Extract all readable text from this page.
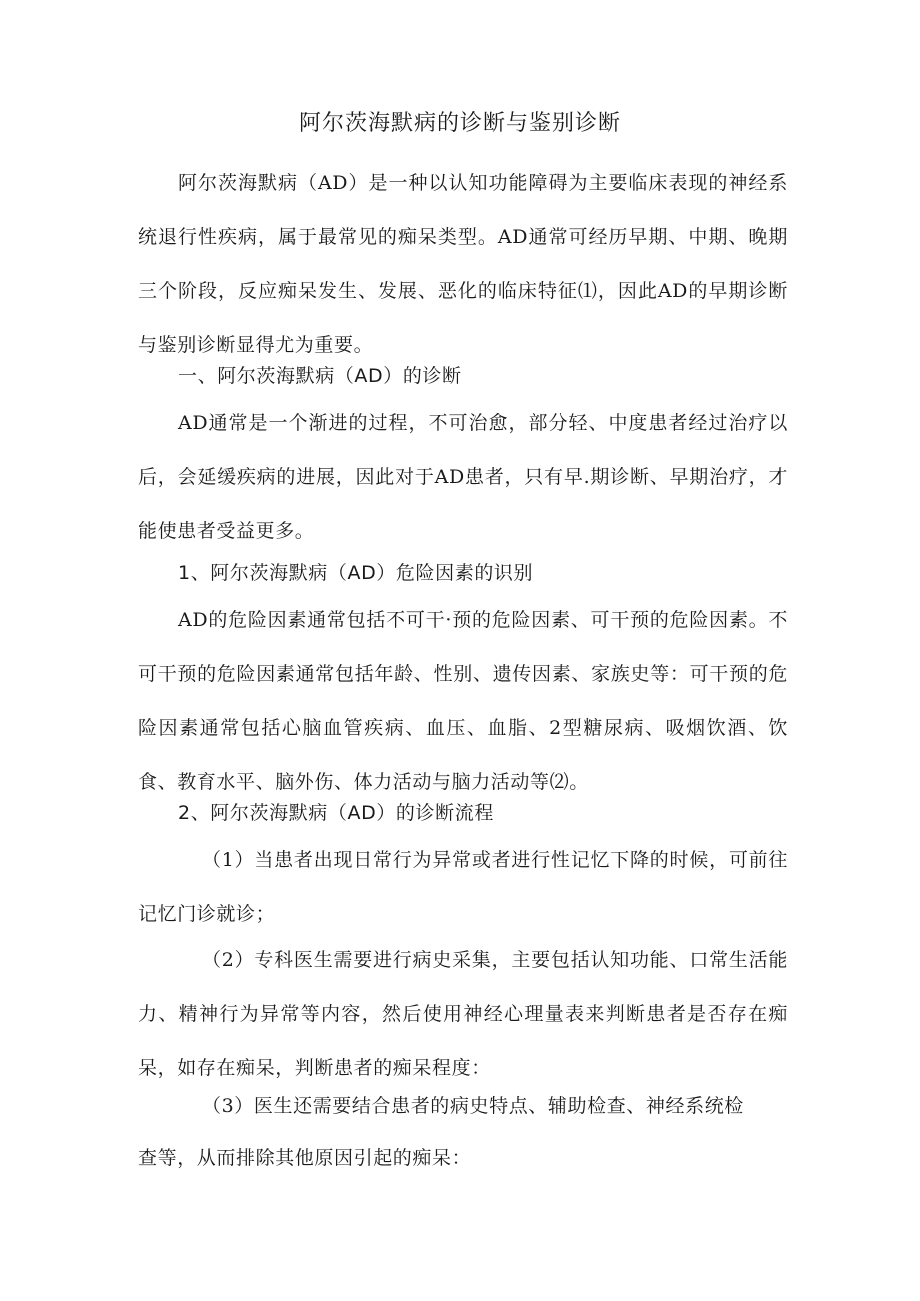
阿尔茨海默病的诊断与鉴别诊断
阿尔茨海默病（AD）是一种以认知功能障碍为主要临床表现的神经系统退行性疾病，属于最常见的痴呆类型。AD通常可经历早期、中期、晚期三个阶段，反应痴呆发生、发展、恶化的临床特征⑴，因此AD的早期诊断与鉴别诊断显得尤为重要。
一、阿尔茨海默病（AD）的诊断
AD通常是一个渐进的过程，不可治愈，部分轻、中度患者经过治疗以后，会延缓疾病的进展，因此对于AD患者，只有早.期诊断、早期治疗，才能使患者受益更多。
1、阿尔茨海默病（AD）危险因素的识别
AD的危险因素通常包括不可干·预的危险因素、可干预的危险因素。不可干预的危险因素通常包括年龄、性别、遗传因素、家族史等：可干预的危险因素通常包括心脑血管疾病、血压、血脂、2型糖尿病、吸烟饮酒、饮食、教育水平、脑外伤、体力活动与脑力活动等⑵。
2、阿尔茨海默病（AD）的诊断流程
（1）当患者出现日常行为异常或者进行性记忆下降的时候，可前往记忆门诊就诊；
（2）专科医生需要进行病史采集，主要包括认知功能、口常生活能力、精神行为异常等内容，然后使用神经心理量表来判断患者是否存在痴呆，如存在痴呆，判断患者的痴呆程度：
（3）医生还需要结合患者的病史特点、辅助检查、神经系统检
查等，从而排除其他原因引起的痴呆：
